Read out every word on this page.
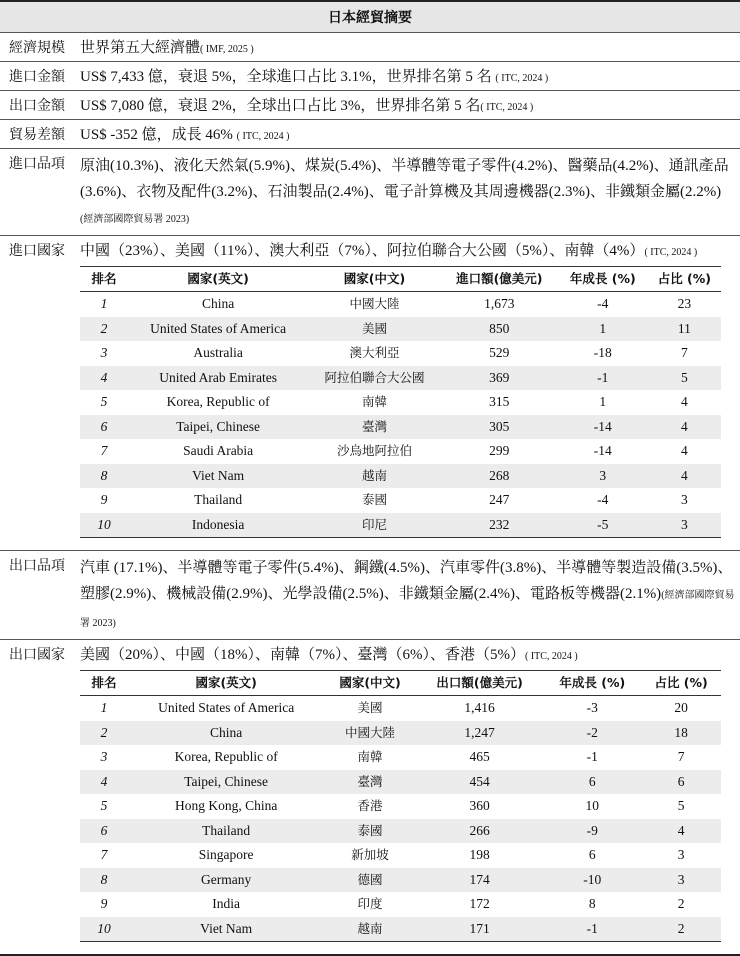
日本經貿摘要
經濟規模	世界第五大經濟體( IMF, 2025 )
進口金額	US$ 7,433 億，衰退 5%，全球進口占比 3.1%，世界排名第 5 名 ( ITC, 2024 )
出口金額	US$ 7,080 億，衰退 2%，全球出口占比 3%，世界排名第 5 名( ITC, 2024 )
貿易差額	US$ -352 億，成長 46% ( ITC, 2024 )
進口品項	原油(10.3%)、液化天然氣(5.9%)、煤炭(5.4%)、半導體等電子零件(4.2%)、醫藥品(4.2%)、通訊產品(3.6%)、衣物及配件(3.2%)、石油製品(2.4%)、電子計算機及其周邊機器(2.3%)、非鐵類金屬(2.2%) (經濟部國際貿易署 2023)
進口國家	中國（23%）、美國（11%）、澳大利亞（7%）、阿拉伯聯合大公國（5%）、南韓（4%）( ITC, 2024 )
排名	國家(英文)	國家(中文)	進口額(億美元)	年成長 (%)	占比 (%)
1	China	中國大陸	1,673	-4	23
2	United States of America	美國	850	1	11
3	Australia	澳大利亞	529	-18	7
4	United Arab Emirates	阿拉伯聯合大公國	369	-1	5
5	Korea, Republic of	南韓	315	1	4
6	Taipei, Chinese	臺灣	305	-14	4
7	Saudi Arabia	沙烏地阿拉伯	299	-14	4
8	Viet Nam	越南	268	3	4
9	Thailand	泰國	247	-4	3
10	Indonesia	印尼	232	-5	3
出口品項	汽車 (17.1%)、半導體等電子零件(5.4%)、鋼鐵(4.5%)、汽車零件(3.8%)、半導體等製造設備(3.5%)、塑膠(2.9%)、機械設備(2.9%)、光學設備(2.5%)、非鐵類金屬(2.4%)、電路板等機器(2.1%)(經濟部國際貿易署 2023)
出口國家	美國（20%）、中國（18%）、南韓（7%）、臺灣（6%）、香港（5%）( ITC, 2024 )
排名	國家(英文)	國家(中文)	出口額(億美元)	年成長 (%)	占比 (%)
1	United States of America	美國	1,416	-3	20
2	China	中國大陸	1,247	-2	18
3	Korea, Republic of	南韓	465	-1	7
4	Taipei, Chinese	臺灣	454	6	6
5	Hong Kong, China	香港	360	10	5
6	Thailand	泰國	266	-9	4
7	Singapore	新加坡	198	6	3
8	Germany	德國	174	-10	3
9	India	印度	172	8	2
10	Viet Nam	越南	171	-1	2
